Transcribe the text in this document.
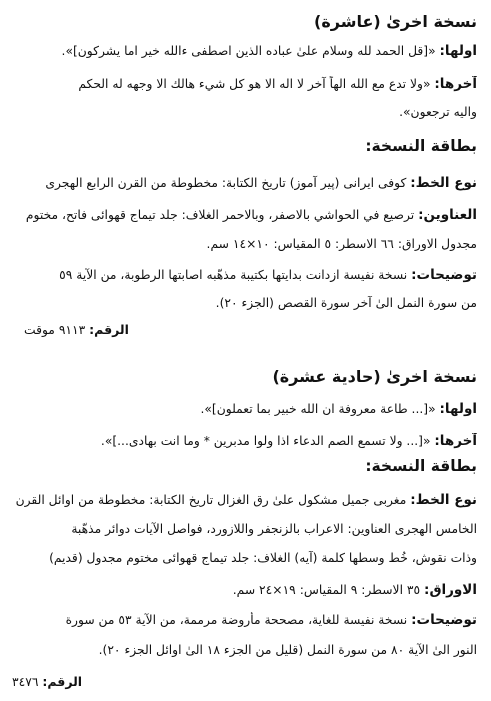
نسخة اخرىٰ (عاشرة)
اولها: «[قل الحمد لله وسلام علىٰ عباده الذين اصطفى ءالله خير اما يشركون]».
آخرها: «ولا تدع مع الله الهاً آخر لا اله الا هو كل شيء هالك الا وجهه له الحكم
واليه ترجعون».
بطاقة النسخة:
نوع الخط: كوفى ايرانى (پير آموز) تاريخ الكتابة: مخطوطة من القرن الرابع الهجرى
العناوين: ترصيع في الحواشي بالاصفر، وبالاحمر الغلاف: جلد تيماج قهوائى فاتح، مختوم
مجدول الاوراق: ٦٦ الاسطر: ٥ المقياس: ١٠×١٤ سم.
توضيحات: نسخة نفيسة ازدانت بدايتها بكتيبة مذهّبه اصابتها الرطوبة، من الآية ٥٩
من سورة النمل الىٰ آخر سورة القصص (الجزء ٢٠).
الرقم: ٩١١٣ موقت
نسخة اخرىٰ (حادية عشرة)
اولها: «[... طاعة معروفة ان الله خبير بما تعملون]».
آخرها: «[... ولا تسمع الصم الدعاء اذا ولوا مدبرين * وما انت بهادى...]».
بطاقة النسخة:
نوع الخط: مغربى جميل مشكول علىٰ رق الغزال تاريخ الكتابة: مخطوطة من اوائل القرن
الخامس الهجرى العناوين: الاعراب بالزنجفر واللازورد، فواصل الآيات دوائر مذهّبة
وذات نقوش، خُط وسطها كلمة (آيه) الغلاف: جلد تيماج قهوائى مختوم مجدول (قديم)
الاوراق: ٣٥ الاسطر: ٩ المقياس: ١٩×٢٤ سم.
توضيحات: نسخة نفيسة للغاية، مصححة مأروضة مرممة، من الآية ٥٣ من سورة
النور الىٰ الآية ٨٠ من سورة النمل (قليل من الجزء ١٨ الىٰ اوائل الجزء ٢٠).
الرقم: ٣٤٧٦
